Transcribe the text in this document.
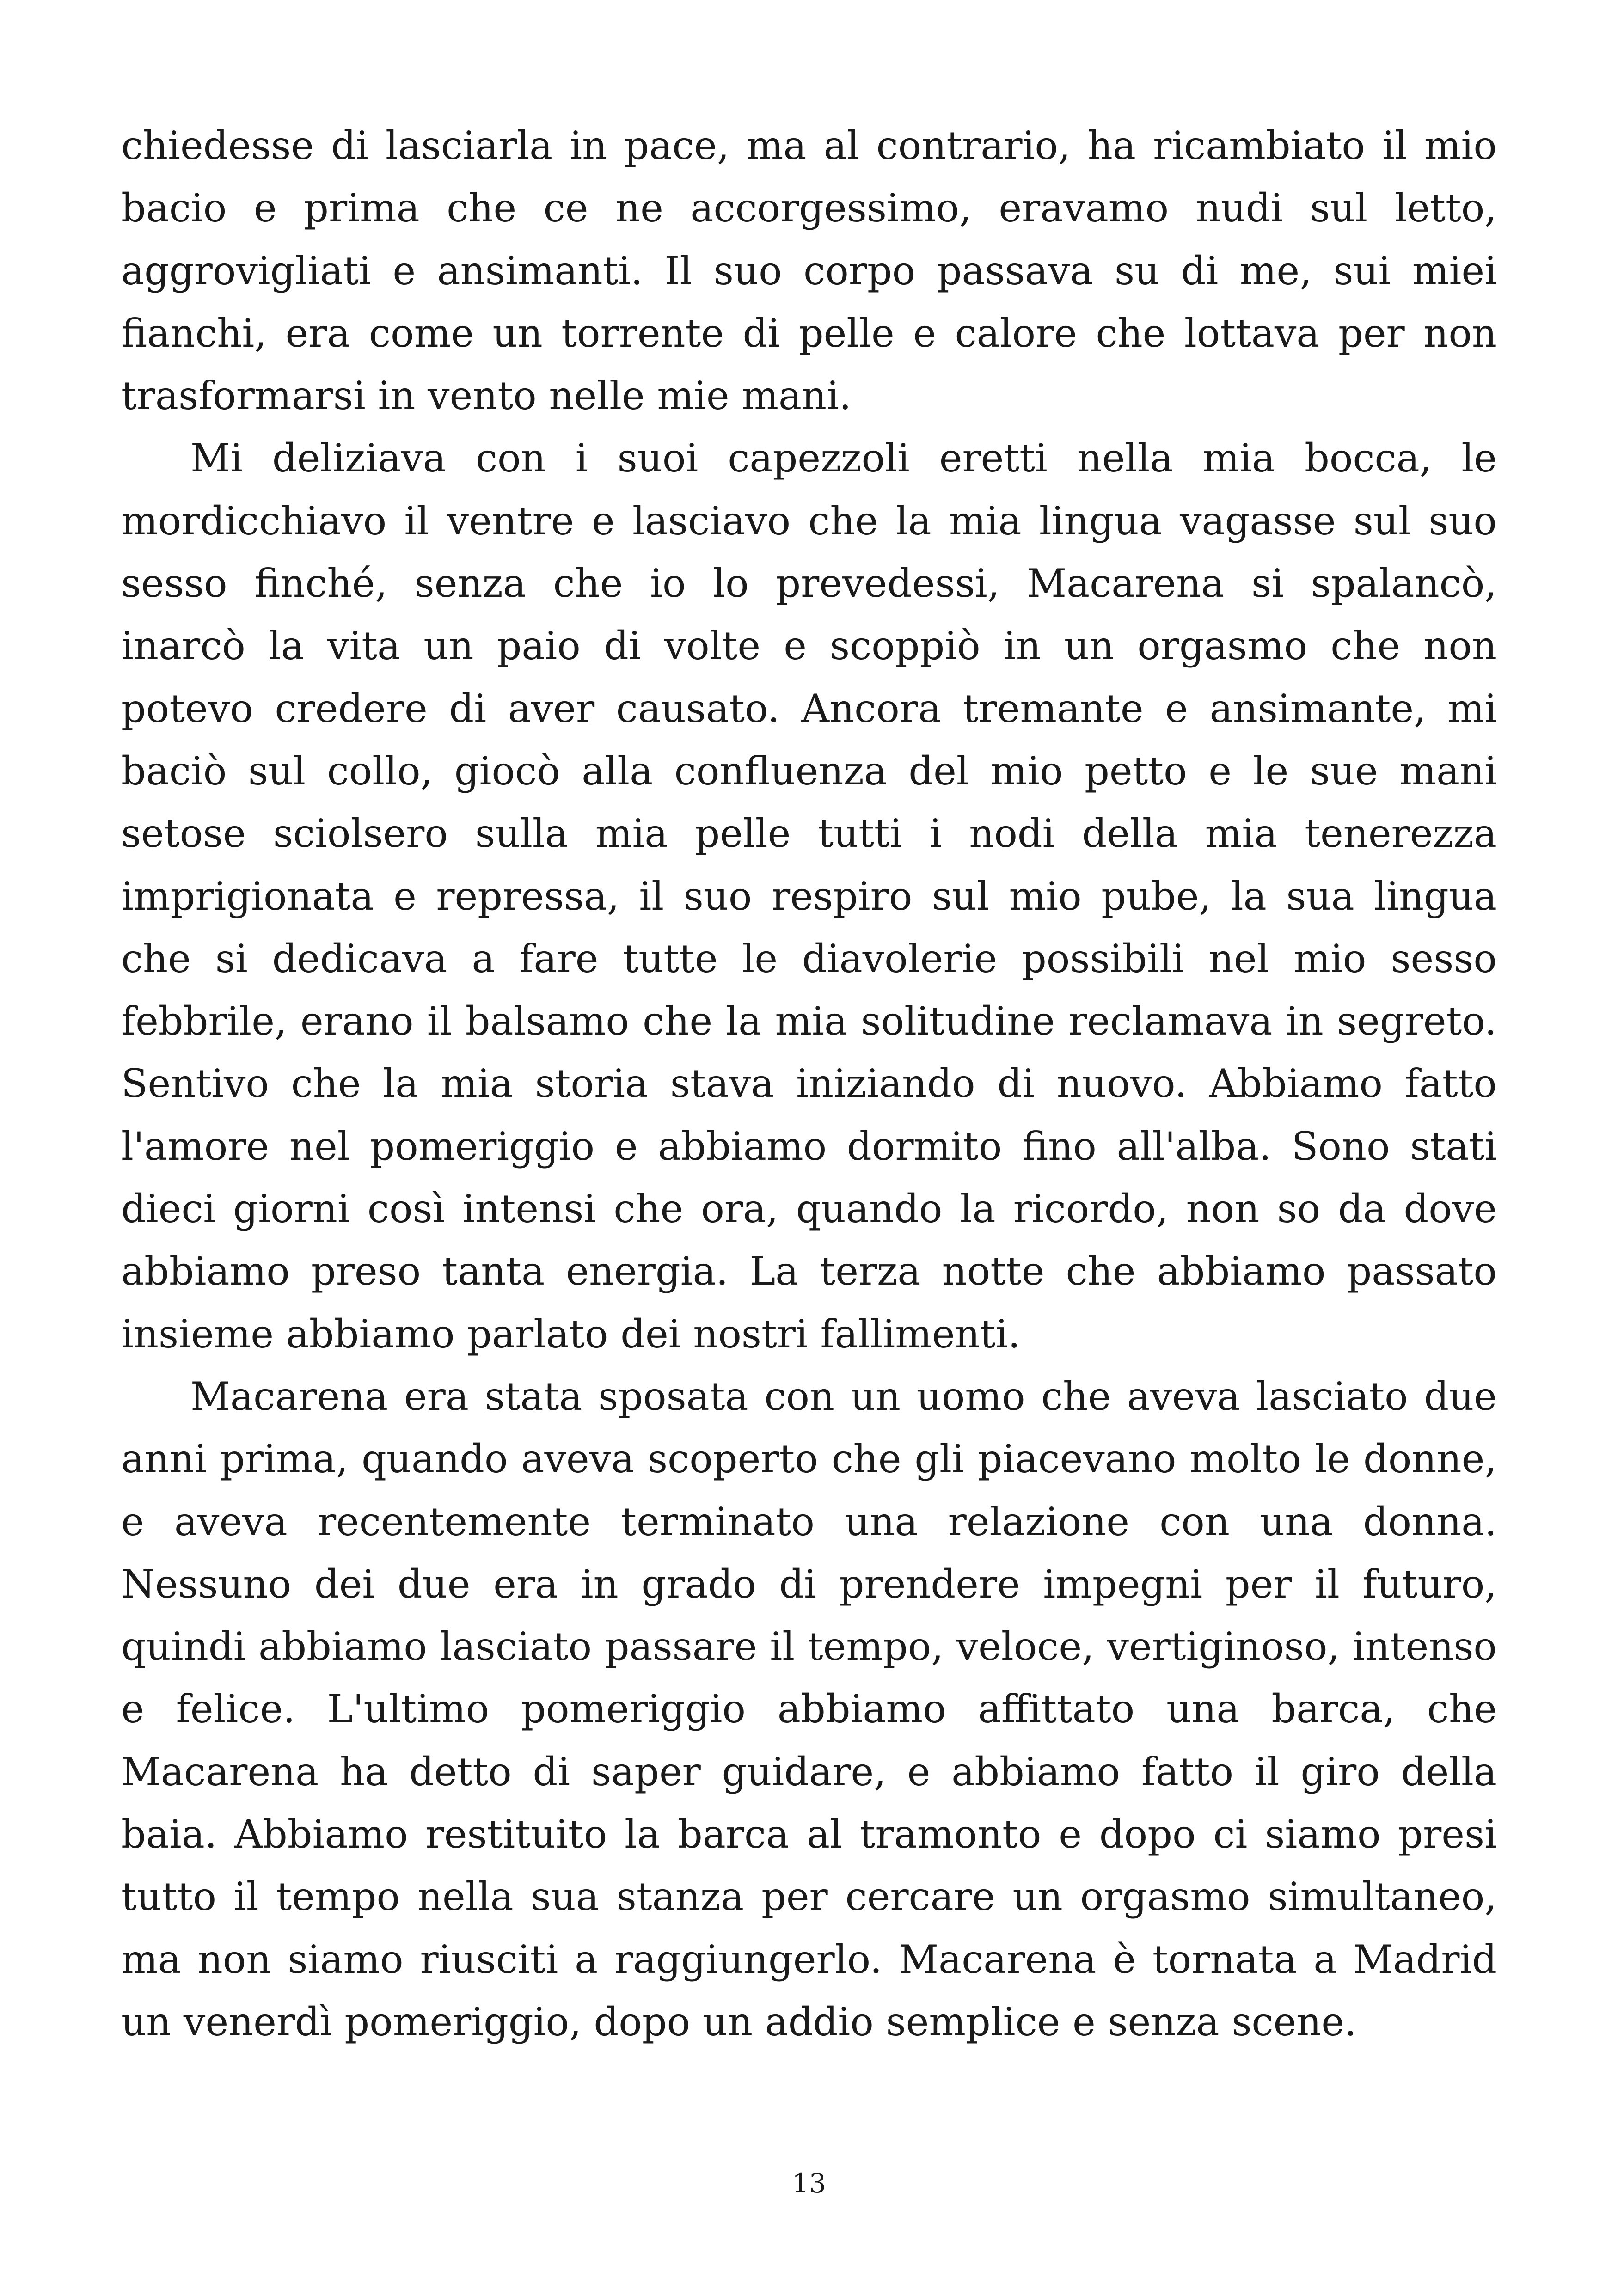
chiedesse di lasciarla in pace, ma al contrario, ha ricambiato il mio bacio e prima che ce ne accorgessimo, eravamo nudi sul letto, aggrovigliati e ansimanti. Il suo corpo passava su di me, sui miei fianchi, era come un torrente di pelle e calore che lottava per non trasformarsi in vento nelle mie mani.

Mi deliziava con i suoi capezzoli eretti nella mia bocca, le mordicchiavo il ventre e lasciavo che la mia lingua vagasse sul suo sesso finché, senza che io lo prevedessi, Macarena si spalancò, inarcò la vita un paio di volte e scoppiò in un orgasmo che non potevo credere di aver causato. Ancora tremante e ansimante, mi baciò sul collo, giocò alla confluenza del mio petto e le sue mani setose sciolsero sulla mia pelle tutti i nodi della mia tenerezza imprigionata e repressa, il suo respiro sul mio pube, la sua lingua che si dedicava a fare tutte le diavolerie possibili nel mio sesso febbrile, erano il balsamo che la mia solitudine reclamava in segreto. Sentivo che la mia storia stava iniziando di nuovo. Abbiamo fatto l'amore nel pomeriggio e abbiamo dormito fino all'alba. Sono stati dieci giorni così intensi che ora, quando la ricordo, non so da dove abbiamo preso tanta energia. La terza notte che abbiamo passato insieme abbiamo parlato dei nostri fallimenti.

Macarena era stata sposata con un uomo che aveva lasciato due anni prima, quando aveva scoperto che gli piacevano molto le donne, e aveva recentemente terminato una relazione con una donna. Nessuno dei due era in grado di prendere impegni per il futuro, quindi abbiamo lasciato passare il tempo, veloce, vertiginoso, intenso e felice. L'ultimo pomeriggio abbiamo affittato una barca, che Macarena ha detto di saper guidare, e abbiamo fatto il giro della baia. Abbiamo restituito la barca al tramonto e dopo ci siamo presi tutto il tempo nella sua stanza per cercare un orgasmo simultaneo, ma non siamo riusciti a raggiungerlo. Macarena è tornata a Madrid un venerdì pomeriggio, dopo un addio semplice e senza scene.

13
